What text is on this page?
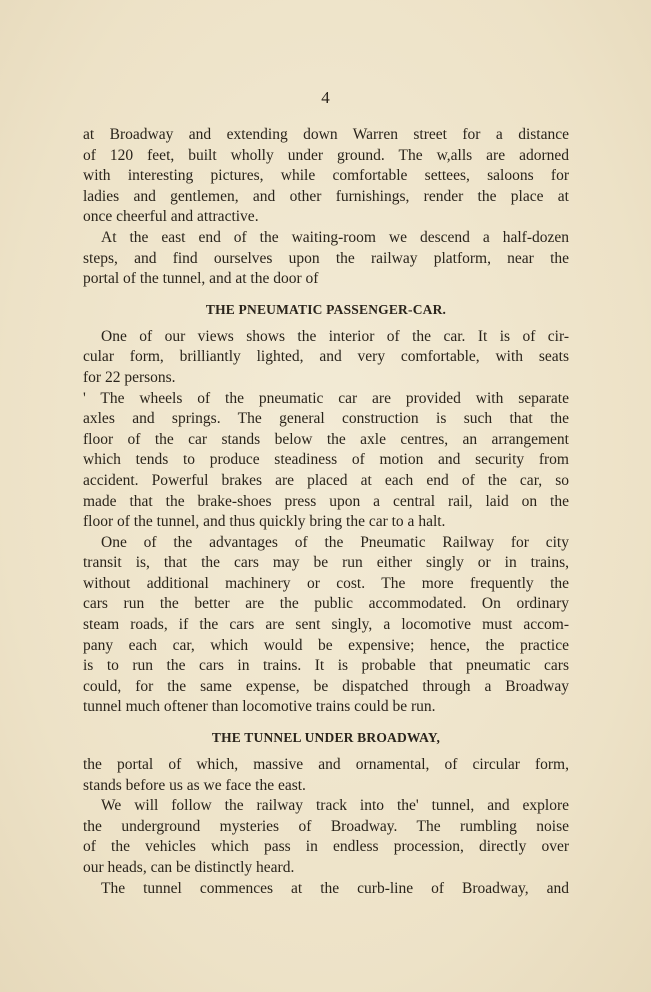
4
at Broadway and extending down Warren street for a distance
of 120 feet, built wholly under ground. The w,alls are adorned
with interesting pictures, while comfortable settees, saloons for
ladies and gentlemen, and other furnishings, render the place at
once cheerful and attractive.
At the east end of the waiting-room we descend a half-dozen
steps, and find ourselves upon the railway platform, near the
portal of the tunnel, and at the door of
THE PNEUMATIC PASSENGER-CAR.
One of our views shows the interior of the car. It is of cir-
cular form, brilliantly lighted, and very comfortable, with seats
for 22 persons.
' The wheels of the pneumatic car are provided with separate
axles and springs. The general construction is such that the
floor of the car stands below the axle centres, an arrangement
which tends to produce steadiness of motion and security from
accident. Powerful brakes are placed at each end of the car, so
made that the brake-shoes press upon a central rail, laid on the
floor of the tunnel, and thus quickly bring the car to a halt.
One of the advantages of the Pneumatic Railway for city
transit is, that the cars may be run either singly or in trains,
without additional machinery or cost. The more frequently the
cars run the better are the public accommodated. On ordinary
steam roads, if the cars are sent singly, a locomotive must accom-
pany each car, which would be expensive; hence, the practice
is to run the cars in trains. It is probable that pneumatic cars
could, for the same expense, be dispatched through a Broadway
tunnel much oftener than locomotive trains could be run.
THE TUNNEL UNDER BROADWAY,
the portal of which, massive and ornamental, of circular form,
stands before us as we face the east.
We will follow the railway track into the' tunnel, and explore
the underground mysteries of Broadway. The rumbling noise
of the vehicles which pass in endless procession, directly over
our heads, can be distinctly heard.
The tunnel commences at the curb-line of Broadway, and
